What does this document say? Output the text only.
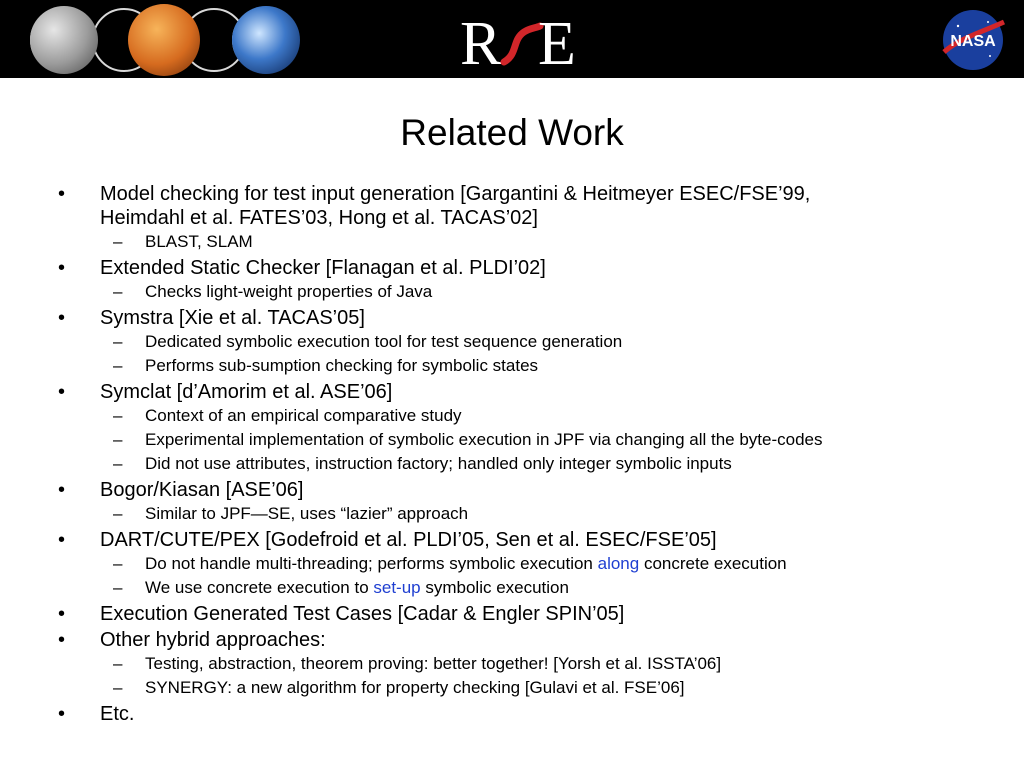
R E	NASA
Related Work
• Model checking for test input generation [Gargantini & Heitmeyer ESEC/FSE’99,
Heimdahl et al. FATES’03, Hong et al. TACAS’02]
– BLAST, SLAM
• Extended Static Checker [Flanagan et al. PLDI’02]
– Checks light-weight properties of Java
• Symstra [Xie et al. TACAS’05]
– Dedicated symbolic execution tool for test sequence generation
– Performs sub-sumption checking for symbolic states
• Symclat [d’Amorim et al. ASE’06]
– Context of an empirical comparative study
– Experimental implementation of symbolic execution in JPF via changing all the byte-codes
– Did not use attributes, instruction factory; handled only integer symbolic inputs
• Bogor/Kiasan [ASE’06]
– Similar to JPF—SE, uses “lazier” approach
• DART/CUTE/PEX [Godefroid et al. PLDI’05, Sen et al. ESEC/FSE’05]
– Do not handle multi-threading; performs symbolic execution along concrete execution
– We use concrete execution to set-up symbolic execution
• Execution Generated Test Cases [Cadar & Engler SPIN’05]
• Other hybrid approaches:
– Testing, abstraction, theorem proving: better together! [Yorsh et al. ISSTA’06]
– SYNERGY: a new algorithm for property checking [Gulavi et al. FSE’06]
• Etc.
